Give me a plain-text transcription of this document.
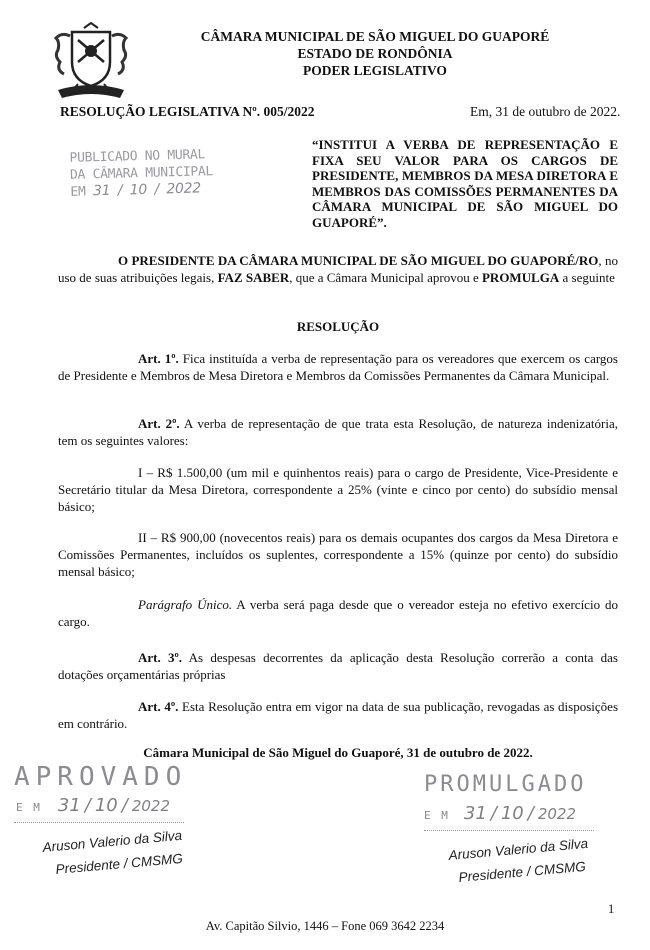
CÂMARA MUNICIPAL DE SÃO MIGUEL DO GUAPORÉ
ESTADO DE RONDÔNIA
PODER LEGISLATIVO
RESOLUÇÃO LEGISLATIVA Nº. 005/2022	Em, 31 de outubro de 2022.
PUBLICADO NO MURAL
DA CÂMARA MUNICIPAL
EM 31 / 10 / 2022
“INSTITUI A VERBA DE REPRESENTAÇÃO E FIXA SEU VALOR PARA OS CARGOS DE PRESIDENTE, MEMBROS DA MESA DIRETORA E MEMBROS DAS COMISSÕES PERMANENTES DA CÂMARA MUNICIPAL DE SÃO MIGUEL DO GUAPORÉ”.
O PRESIDENTE DA CÂMARA MUNICIPAL DE SÃO MIGUEL DO GUAPORÉ/RO, no uso de suas atribuições legais, FAZ SABER, que a Câmara Municipal aprovou e PROMULGA a seguinte
RESOLUÇÃO
Art. 1º. Fica instituída a verba de representação para os vereadores que exercem os cargos de Presidente e Membros de Mesa Diretora e Membros da Comissões Permanentes da Câmara Municipal.
Art. 2º. A verba de representação de que trata esta Resolução, de natureza indenizatória, tem os seguintes valores:
I – R$ 1.500,00 (um mil e quinhentos reais) para o cargo de Presidente, Vice-Presidente e Secretário titular da Mesa Diretora, correspondente a 25% (vinte e cinco por cento) do subsídio mensal básico;
II – R$ 900,00 (novecentos reais) para os demais ocupantes dos cargos da Mesa Diretora e Comissões Permanentes, incluídos os suplentes, correspondente a 15% (quinze por cento) do subsídio mensal básico;
Parágrafo Único. A verba será paga desde que o vereador esteja no efetivo exercício do cargo.
Art. 3º. As despesas decorrentes da aplicação desta Resolução correrão a conta das dotações orçamentárias próprias
Art. 4º. Esta Resolução entra em vigor na data de sua publicação, revogadas as disposições em contrário.
Câmara Municipal de São Miguel do Guaporé, 31 de outubro de 2022.
APROVADO
E M 31 / 10 / 2022
Aruson Valerio da Silva
Presidente / CMSMG
PROMULGADO
E M 31 / 10 / 2022
Aruson Valerio da Silva
Presidente / CMSMG
1
Av. Capitão Silvio, 1446 – Fone 069 3642 2234
